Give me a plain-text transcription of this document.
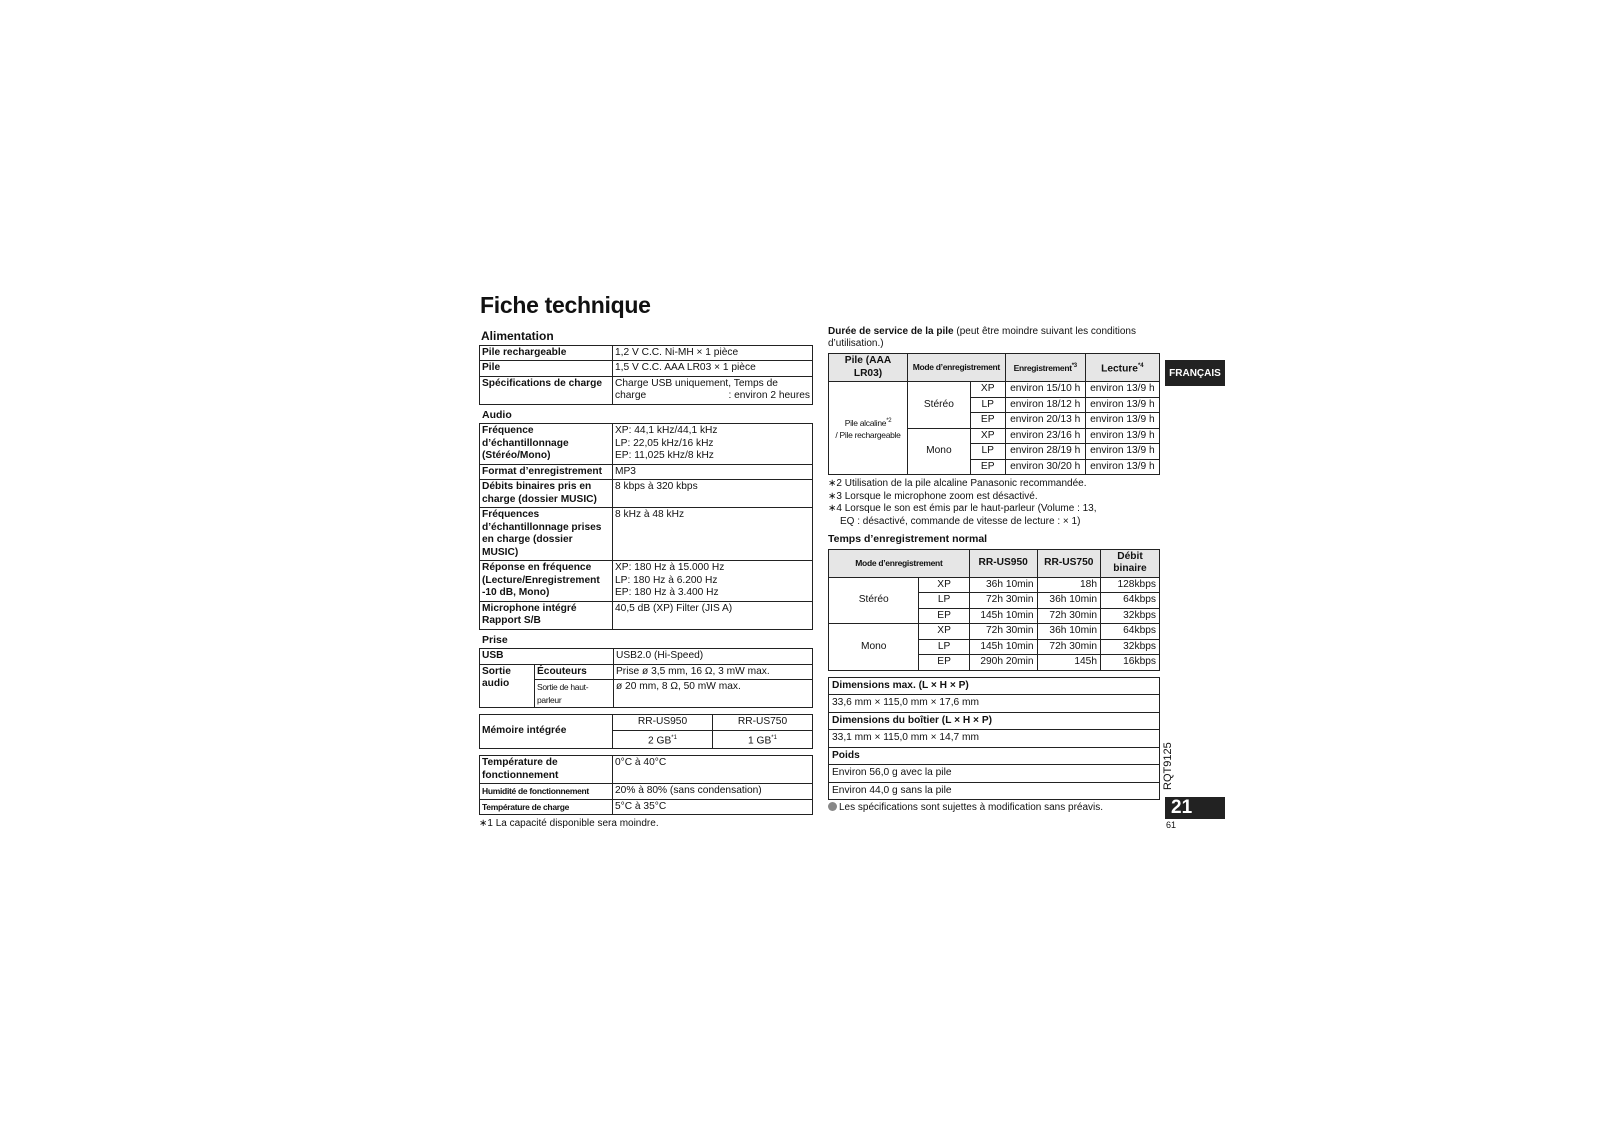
Fiche technique
Alimentation
Pile rechargeable	1,2 V C.C. Ni-MH × 1 pièce
Pile	1,5 V C.C. AAA LR03 × 1 pièce
Spécifications de charge	Charge USB uniquement, Temps de
charge : environ 2 heures
Audio
Fréquence d’échantillonnage (Stéréo/Mono)	XP: 44,1 kHz/44,1 kHz
LP: 22,05 kHz/16 kHz
EP: 11,025 kHz/8 kHz

Format d’enregistrement	MP3
Débits binaires pris en charge (dossier MUSIC)	8 kbps à 320 kbps
Fréquences d’échantillonnage prises en charge (dossier MUSIC)	8 kHz à 48 kHz
Réponse en fréquence (Lecture/Enregistrement -10 dB, Mono)	XP: 180 Hz à 15.000 Hz
LP: 180 Hz à 6.200 Hz
EP: 180 Hz à 3.400 Hz

Microphone intégré Rapport S/B	40,5 dB (XP) Filter (JIS A)
Prise
USB		USB2.0 (Hi-Speed)
Sortie audio	Écouteurs	Prise ø 3,5 mm, 16 Ω, 3 mW max.
	Sortie de haut-parleur	ø 20 mm, 8 Ω, 50 mW max.
Mémoire intégrée	RR-US950	RR-US750
	2 GB$^{*1}$	1 GB$^{*1}$
Température de fonctionnement	0°C à 40°C
Humidité de fonctionnement	20% à 80% (sans condensation)
Température de charge	5°C à 35°C
∗1 La capacité disponible sera moindre.
Durée de service de la pile (peut être moindre suivant les conditions d’utilisation.)
Pile (AAA LR03)	Mode d’enregistrement		Enregistrement$^{*3}$	Lecture$^{*4}$
Pile alcaline$^{*2}$
/ Pile rechargeable	Stéréo	XP	environ 15/10 h	environ 13/9 h
		LP	environ 18/12 h	environ 13/9 h
		EP	environ 20/13 h	environ 13/9 h
	Mono	XP	environ 23/16 h	environ 13/9 h
		LP	environ 28/19 h	environ 13/9 h
		EP	environ 30/20 h	environ 13/9 h
∗2 Utilisation de la pile alcaline Panasonic recommandée.
∗3 Lorsque le microphone zoom est désactivé.
∗4 Lorsque le son est émis par le haut-parleur (Volume : 13,
EQ : désactivé, commande de vitesse de lecture : × 1)
Temps d’enregistrement normal
Mode d’enregistrement		RR-US950	RR-US750	Débit binaire
Stéréo	XP	36h 10min	18h	128kbps
	LP	72h 30min	36h 10min	64kbps
	EP	145h 10min	72h 30min	32kbps
Mono	XP	72h 30min	36h 10min	64kbps
	LP	145h 10min	72h 30min	32kbps
	EP	290h 20min	145h	16kbps
Dimensions max. (L × H × P)
33,6 mm × 115,0 mm × 17,6 mm
Dimensions du boîtier (L × H × P)
33,1 mm × 115,0 mm × 14,7 mm
Poids
Environ 56,0 g avec la pile
Environ 44,0 g sans la pile
Les spécifications sont sujettes à modification sans préavis.
FRANÇAIS
RQT9125
21
61
